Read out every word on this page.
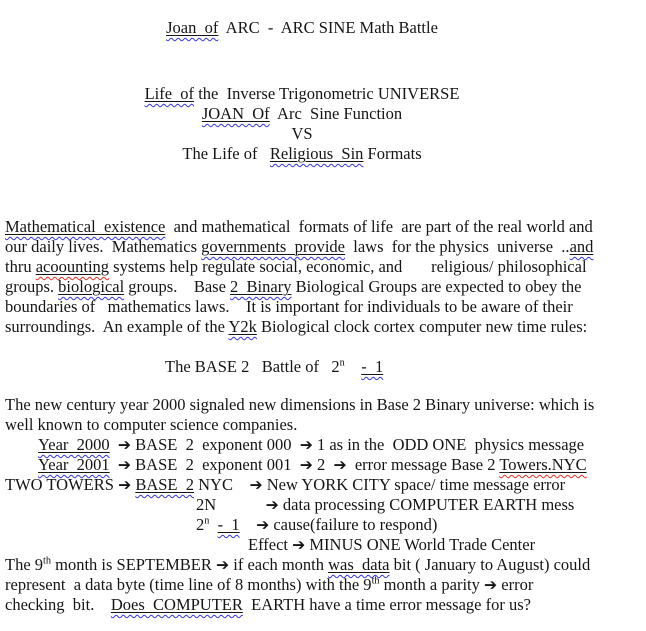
Joan  of  ARC  -  ARC SINE Math Battle
Life  of the  Inverse Trigonometric UNIVERSE
JOAN  Of  Arc  Sine Function
VS
The Life of   Religious  Sin Formats
Mathematical  existence  and mathematical  formats of life  are part of the real world and
our daily lives.  Mathematics governments  provide  laws  for the physics  universe  ..and
thru acoounting systems help regulate social, economic, and       religious/ philosophical
groups. biological groups.    Base 2  Binary Biological Groups are expected to obey the
boundaries of   mathematics laws.    It is important for individuals to be aware of their
surroundings.  An example of the Y2k Biological clock cortex computer new time rules:
The BASE 2   Battle of   2$^n$ -  1
The new century year 2000 signaled new dimensions in Base 2 Binary universe: which is
well known to computer science companies.
Year  2000 ➔ BASE  2  exponent 000  ➔ 1 as in the  ODD ONE  physics message
Year  2001 ➔ BASE  2  exponent 001  ➔ 2  ➔  error message Base 2 Towers.NYC
TWO TOWERS ➔ BASE  2 NYC    ➔ New YORK CITY space/ time message error
2N            ➔ data processing COMPUTER EARTH mess
2$^n$ -  1 ➔ cause(failure to respond)
Effect ➔ MINUS ONE World Trade Center
The 9th month is SEPTEMBER ➔ if each month was  data bit ( January to August) could
represent  a data byte (time line of 8 months) with the 9th month a parity ➔ error
checking  bit.    Does  COMPUTER  EARTH have a time error message for us?
